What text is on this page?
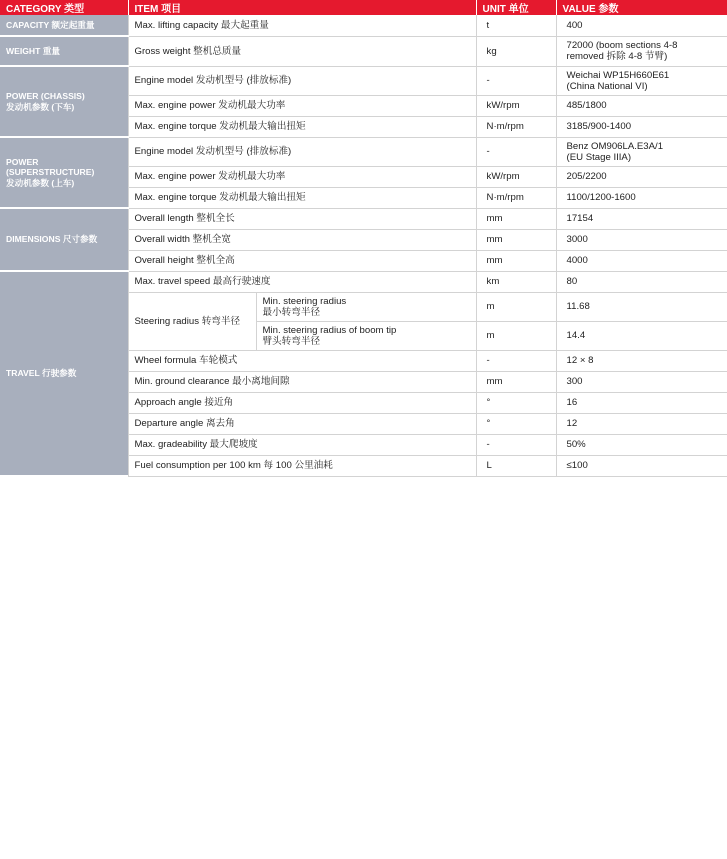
CATEGORY 类型	ITEM 项目		UNIT 单位	VALUE 参数
CAPACITY 额定起重量	Max. lifting capacity 最大起重量		t	400
WEIGHT 重量	Gross weight 整机总质量		kg	72000 (boom sections 4-8
removed 拆除 4-8 节臂)
POWER (CHASSIS)
发动机参数 (下车)	Engine model 发动机型号 (排放标准)		-	Weichai WP15H660E61
(China National VI)
	Max. engine power 发动机最大功率		kW/rpm	485/1800
	Max. engine torque 发动机最大输出扭矩		N·m/rpm	3185/900-1400
POWER
(SUPERSTRUCTURE)
发动机参数 (上车)	Engine model 发动机型号 (排放标准)		-	Benz OM906LA.E3A/1
(EU Stage IIIA)
	Max. engine power 发动机最大功率		kW/rpm	205/2200
	Max. engine torque 发动机最大输出扭矩		N·m/rpm	1100/1200-1600
DIMENSIONS 尺寸参数	Overall length 整机全长		mm	17154
	Overall width 整机全宽		mm	3000
	Overall height 整机全高		mm	4000
TRAVEL 行驶参数	Max. travel speed 最高行驶速度		km	80
	Steering radius 转弯半径	Min. steering radius
最小转弯半径	m	11.68
		Min. steering radius of boom tip
臂头转弯半径	m	14.4
	Wheel formula 车轮模式		-	12 × 8
	Min. ground clearance 最小离地间隙		mm	300
	Approach angle 接近角		°	16
	Departure angle 离去角		°	12
	Max. gradeability 最大爬坡度		-	50%
	Fuel consumption per 100 km 每 100 公里油耗		L	≤100
